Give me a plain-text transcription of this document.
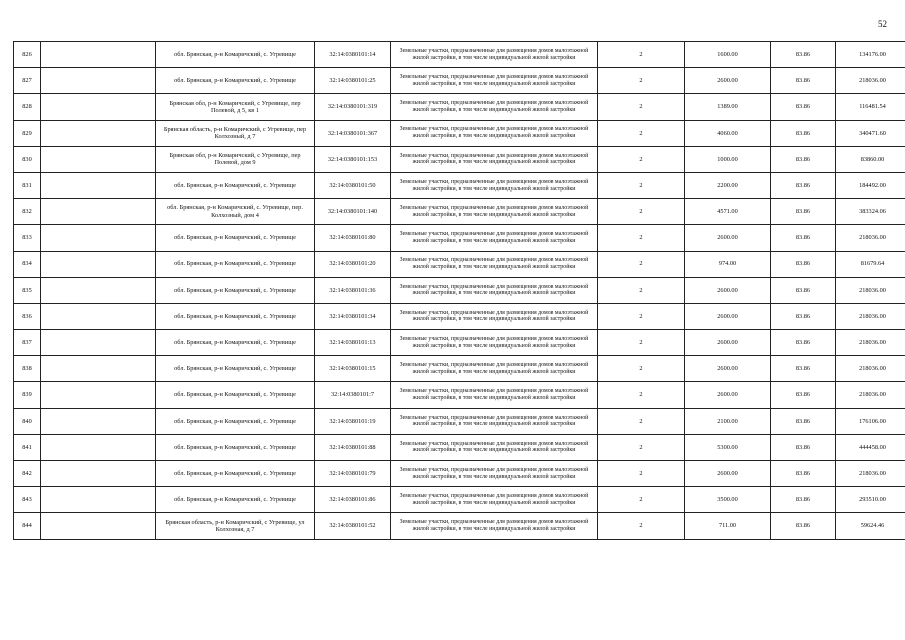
52
826		обл. Брянская, р-н Комаричский, с. Угревище	32:14:0380101:14	Земельные участки, предназначенные для размещения домов малоэтажной жилой застройки, в том числе индивидуальной жилой застройки	2	1600.00	83.86	134176.00
827		обл. Брянская, р-н Комаричский, с. Угревище	32:14:0380101:25	Земельные участки, предназначенные для размещения домов малоэтажной жилой застройки, в том числе индивидуальной жилой застройки	2	2600.00	83.86	218036.00
828		Брянская обл, р-н Комаричский, с Угревище, пер Полевой, д 5, кв 1	32:14:0380101:319	Земельные участки, предназначенные для размещения домов малоэтажной жилой застройки, в том числе индивидуальной жилой застройки	2	1389.00	83.86	116481.54
829		Брянская область, р-н Комаричский, с Угревище, пер Колхозный, д 7	32:14:0380101:367	Земельные участки, предназначенные для размещения домов малоэтажной жилой застройки, в том числе индивидуальной жилой застройки	2	4060.00	83.86	340471.60
830		Брянская обл, р-н Комаричский, с Угревище, пер Полевой, дом 9	32:14:0380101:153	Земельные участки, предназначенные для размещения домов малоэтажной жилой застройки, в том числе индивидуальной жилой застройки	2	1000.00	83.86	83860.00
831		обл. Брянская, р-н Комаричский, с. Угревище	32:14:0380101:50	Земельные участки, предназначенные для размещения домов малоэтажной жилой застройки, в том числе индивидуальной жилой застройки	2	2200.00	83.86	184492.00
832		обл. Брянская, р-н Комаричский, с. Угревище, пер. Колхозный, дом 4	32:14:0380101:140	Земельные участки, предназначенные для размещения домов малоэтажной жилой застройки, в том числе индивидуальной жилой застройки	2	4571.00	83.86	383324.06
833		обл. Брянская, р-н Комаричский, с. Угревище	32:14:0380101:80	Земельные участки, предназначенные для размещения домов малоэтажной жилой застройки, в том числе индивидуальной жилой застройки	2	2600.00	83.86	218036.00
834		обл. Брянская, р-н Комаричский, с. Угревище	32:14:0380101:20	Земельные участки, предназначенные для размещения домов малоэтажной жилой застройки, в том числе индивидуальной жилой застройки	2	974.00	83.86	81679.64
835		обл. Брянская, р-н Комаричский, с. Угревище	32:14:0380101:36	Земельные участки, предназначенные для размещения домов малоэтажной жилой застройки, в том числе индивидуальной жилой застройки	2	2600.00	83.86	218036.00
836		обл. Брянская, р-н Комаричский, с. Угревище	32:14:0380101:34	Земельные участки, предназначенные для размещения домов малоэтажной жилой застройки, в том числе индивидуальной жилой застройки	2	2600.00	83.86	218036.00
837		обл. Брянская, р-н Комаричский, с. Угревище	32:14:0380101:13	Земельные участки, предназначенные для размещения домов малоэтажной жилой застройки, в том числе индивидуальной жилой застройки	2	2600.00	83.86	218036.00
838		обл. Брянская, р-н Комаричский, с. Угревище	32:14:0380101:15	Земельные участки, предназначенные для размещения домов малоэтажной жилой застройки, в том числе индивидуальной жилой застройки	2	2600.00	83.86	218036.00
839		обл. Брянская, р-н Комаричский, с. Угревище	32:14:0380101:7	Земельные участки, предназначенные для размещения домов малоэтажной жилой застройки, в том числе индивидуальной жилой застройки	2	2600.00	83.86	218036.00
840		обл. Брянская, р-н Комаричский, с. Угревище	32:14:0380101:19	Земельные участки, предназначенные для размещения домов малоэтажной жилой застройки, в том числе индивидуальной жилой застройки	2	2100.00	83.86	176106.00
841		обл. Брянская, р-н Комаричский, с. Угревище	32:14:0380101:88	Земельные участки, предназначенные для размещения домов малоэтажной жилой застройки, в том числе индивидуальной жилой застройки	2	5300.00	83.86	444458.00
842		обл. Брянская, р-н Комаричский, с. Угревище	32:14:0380101:79	Земельные участки, предназначенные для размещения домов малоэтажной жилой застройки, в том числе индивидуальной жилой застройки	2	2600.00	83.86	218036.00
843		обл. Брянская, р-н Комаричский, с. Угревище	32:14:0380101:86	Земельные участки, предназначенные для размещения домов малоэтажной жилой застройки, в том числе индивидуальной жилой застройки	2	3500.00	83.86	293510.00
844		Брянская область, р-н Комаричский, с Угревище, ул Колхозная, д 7	32:14:0380101:52	Земельные участки, предназначенные для размещения домов малоэтажной жилой застройки, в том числе индивидуальной жилой застройки	2	711.00	83.86	59624.46
